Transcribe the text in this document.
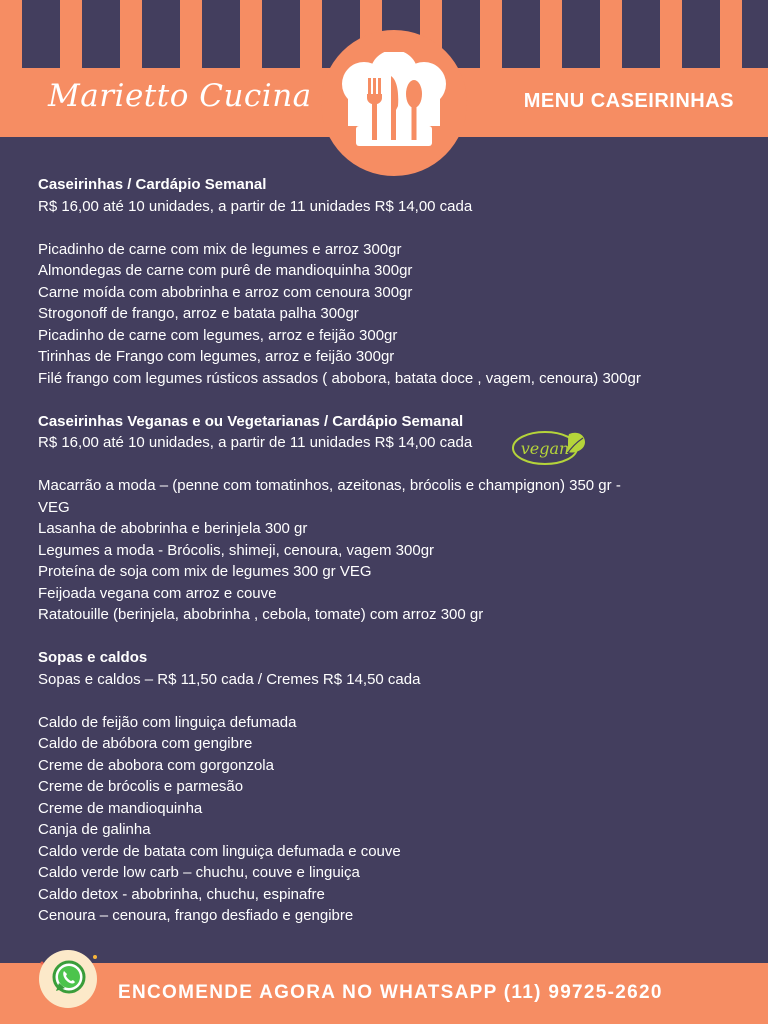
Marietto Cucina	MENU CASEIRINHAS
Caseirinhas / Cardápio Semanal
R$ 16,00 até 10 unidades, a partir de 11 unidades R$ 14,00 cada
Picadinho de carne com mix de legumes e arroz 300gr
Almondegas de carne com purê de mandioquinha 300gr
Carne moída com abobrinha e arroz com cenoura 300gr
Strogonoff de frango, arroz e batata palha 300gr
Picadinho de carne com legumes, arroz e feijão 300gr
Tirinhas de Frango com legumes, arroz e feijão 300gr
Filé frango com legumes rústicos assados ( abobora, batata doce , vagem, cenoura) 300gr
Caseirinhas Veganas e ou Vegetarianas / Cardápio Semanal
R$ 16,00 até 10 unidades, a partir de 11 unidades R$ 14,00 cada
Macarrão a moda – (penne com tomatinhos, azeitonas, brócolis e champignon) 350 gr - VEG
Lasanha de abobrinha e berinjela 300 gr
Legumes a moda - Brócolis, shimeji, cenoura, vagem 300gr
Proteína de soja com mix de legumes 300 gr VEG
Feijoada vegana com arroz e couve
Ratatouille (berinjela, abobrinha , cebola, tomate) com arroz 300 gr
Sopas e caldos
Sopas e caldos – R$ 11,50 cada / Cremes R$ 14,50 cada
Caldo de feijão com linguiça defumada
Caldo de abóbora com gengibre
Creme de abobora com gorgonzola
Creme de brócolis e parmesão
Creme de mandioquinha
Canja de galinha
Caldo verde de batata com linguiça defumada e couve
Caldo verde low carb – chuchu, couve e linguiça
Caldo detox - abobrinha, chuchu, espinafre
Cenoura – cenoura, frango desfiado e gengibre
vegan
ENCOMENDE AGORA NO WHATSAPP (11) 99725-2620
